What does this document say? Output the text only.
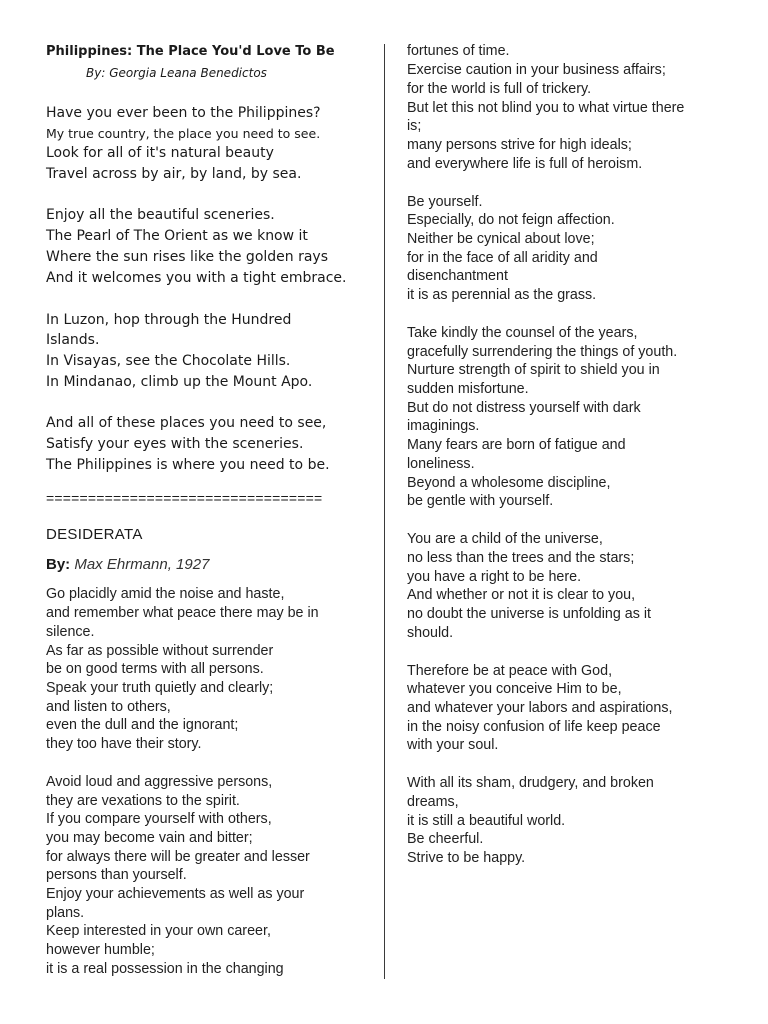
Philippines: The Place You'd Love To Be
By: Georgia Leana Benedictos
Have you ever been to the Philippines?
My true country, the place you need to see.
Look for all of it's natural beauty
Travel across by air, by land, by sea.
Enjoy all the beautiful sceneries.
The Pearl of The Orient as we know it
Where the sun rises like the golden rays
And it welcomes you with a tight embrace.
In Luzon, hop through the Hundred
Islands.
In Visayas, see the Chocolate Hills.
In Mindanao, climb up the Mount Apo.
And all of these places you need to see,
Satisfy your eyes with the sceneries.
The Philippines is where you need to be.
=================================
DESIDERATA
By: Max Ehrmann, 1927
Go placidly amid the noise and haste,
and remember what peace there may be in
silence.
As far as possible without surrender
be on good terms with all persons.
Speak your truth quietly and clearly;
and listen to others,
even the dull and the ignorant;
they too have their story.
Avoid loud and aggressive persons,
they are vexations to the spirit.
If you compare yourself with others,
you may become vain and bitter;
for always there will be greater and lesser
persons than yourself.
Enjoy your achievements as well as your
plans.
Keep interested in your own career,
however humble;
it is a real possession in the changing
fortunes of time.
Exercise caution in your business affairs;
for the world is full of trickery.
But let this not blind you to what virtue there
is;
many persons strive for high ideals;
and everywhere life is full of heroism.
Be yourself.
Especially, do not feign affection.
Neither be cynical about love;
for in the face of all aridity and
disenchantment
it is as perennial as the grass.
Take kindly the counsel of the years,
gracefully surrendering the things of youth.
Nurture strength of spirit to shield you in
sudden misfortune.
But do not distress yourself with dark
imaginings.
Many fears are born of fatigue and
loneliness.
Beyond a wholesome discipline,
be gentle with yourself.
You are a child of the universe,
no less than the trees and the stars;
you have a right to be here.
And whether or not it is clear to you,
no doubt the universe is unfolding as it
should.
Therefore be at peace with God,
whatever you conceive Him to be,
and whatever your labors and aspirations,
in the noisy confusion of life keep peace
with your soul.
With all its sham, drudgery, and broken
dreams,
it is still a beautiful world.
Be cheerful.
Strive to be happy.
